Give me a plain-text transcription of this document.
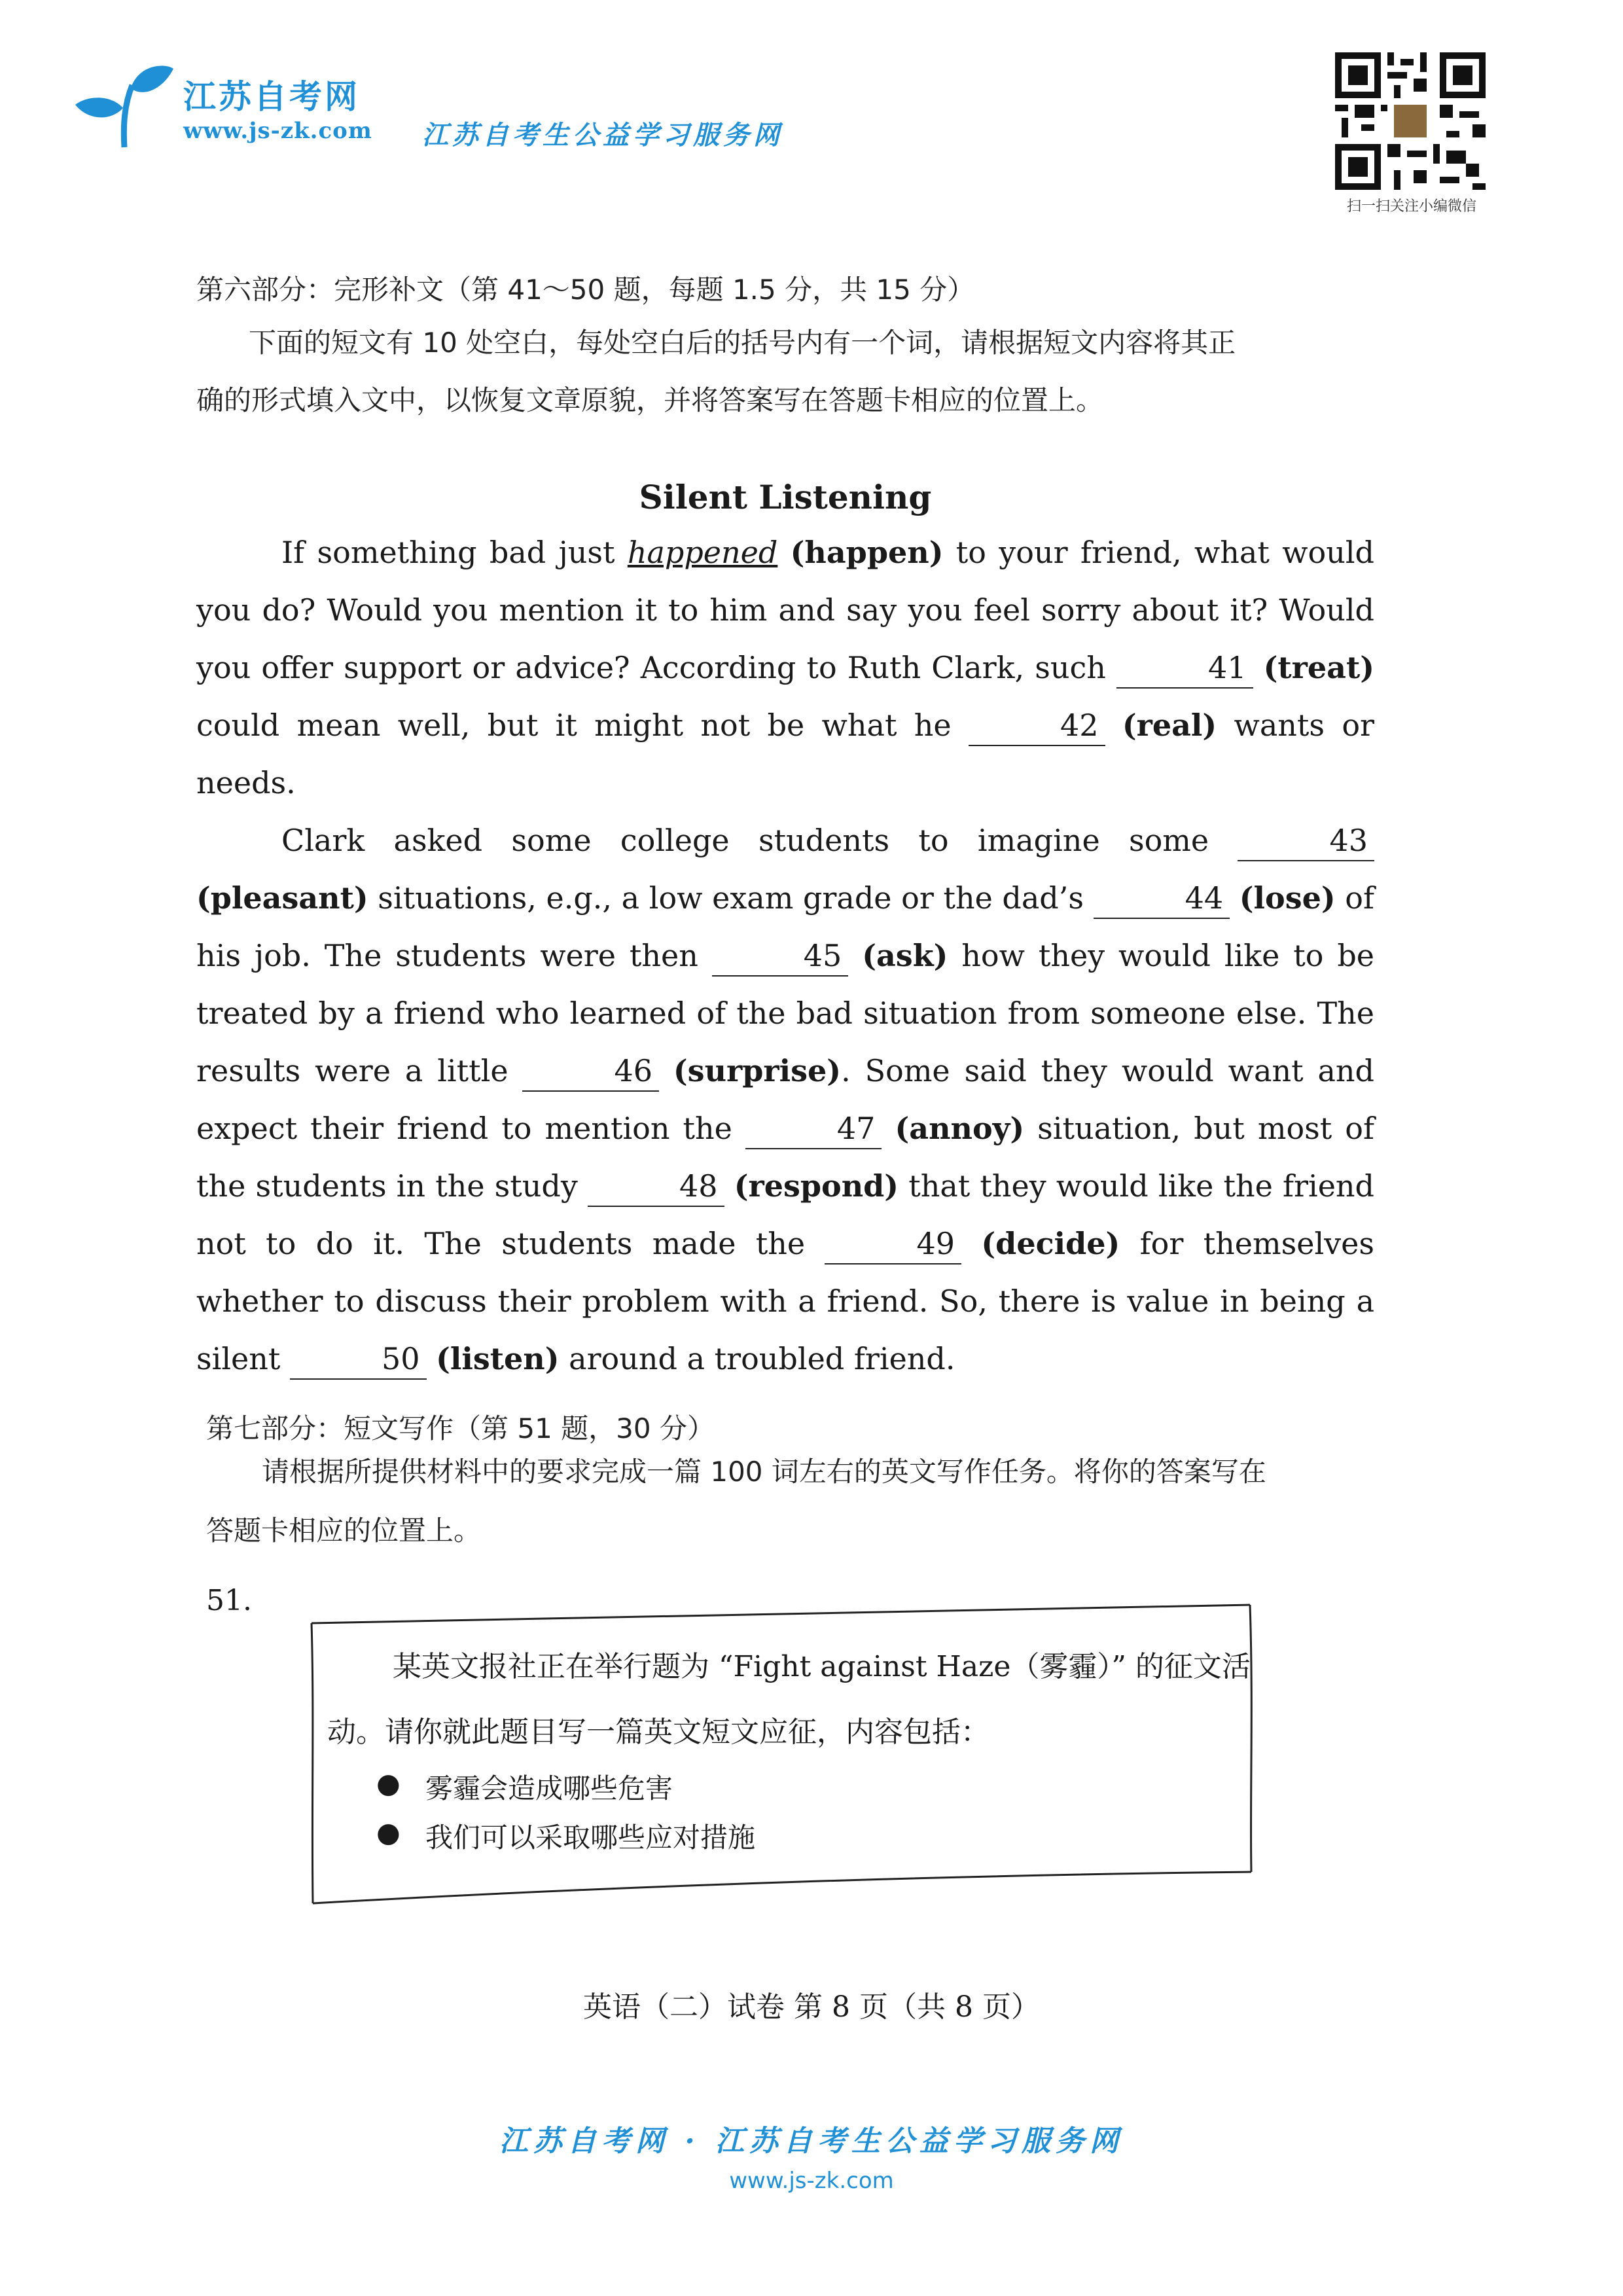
江苏自考网
www.js-zk.com 江苏自考生公益学习服务网
扫一扫关注小编微信
第六部分：完形补文（第 41～50 题，每题 1.5 分，共 15 分）
下面的短文有 10 处空白，每处空白后的括号内有一个词，请根据短文内容将其正
确的形式填入文中，以恢复文章原貌，并将答案写在答题卡相应的位置上。
Silent Listening

If something bad just happened (happen) to your friend, what would you do? Would you mention it to him and say you feel sorry about it? Would you offer support or advice? According to Ruth Clark, such	41 (treat) could mean well, but it might not be what he	42 (real) wants or needs.

Clark asked some college students to imagine some	43 (pleasant) situations, e.g., a low exam grade or the dad’s	44 (lose) of his job. The students were then	45 (ask) how they would like to be treated by a friend who learned of the bad situation from someone else. The results were a little	46 (surprise). Some said they would want and expect their friend to mention the	47 (annoy) situation, but most of the students in the study	48 (respond) that they would like the friend not to do it. The students made the	49 (decide) for themselves whether to discuss their problem with a friend. So, there is value in being a silent	50 (listen) around a troubled friend.

第七部分：短文写作（第 51 题，30 分）
请根据所提供材料中的要求完成一篇 100 词左右的英文写作任务。将你的答案写在
答题卡相应的位置上。
51.
某英文报社正在举行题为 “Fight against Haze（雾霾）” 的征文活
动。请你就此题目写一篇英文短文应征，内容包括：
● 雾霾会造成哪些危害
● 我们可以采取哪些应对措施
英语（二）试卷 第 8 页（共 8 页）
江苏自考网 · 江苏自考生公益学习服务网
www.js-zk.com
